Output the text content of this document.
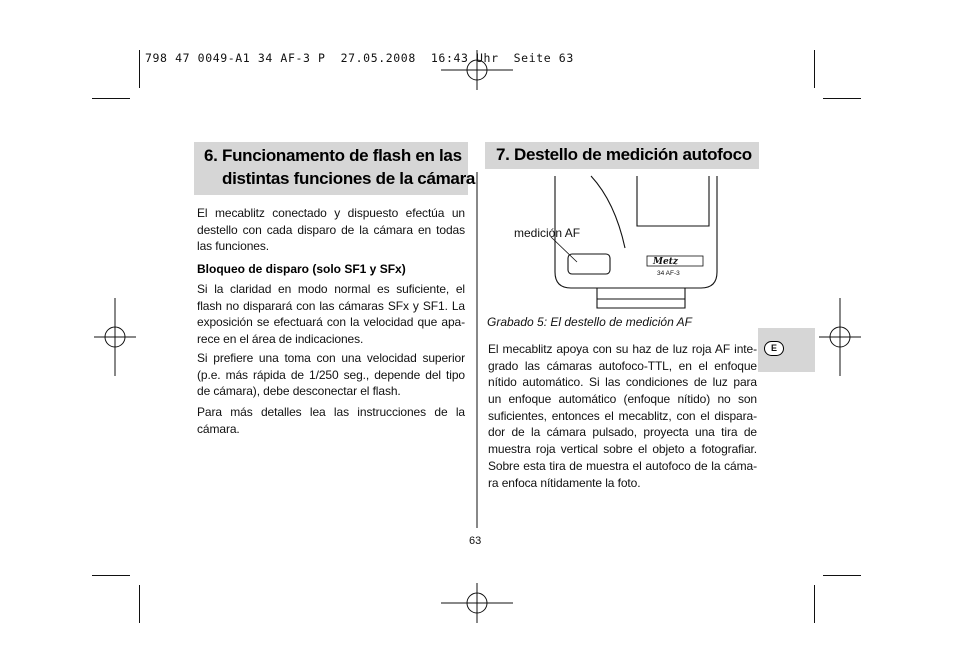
798 47 0049-A1 34 AF-3 P  27.05.2008  16:43 Uhr  Seite 63
6. Funcionamento de flash en las
distintas funciones de la cámara
El mecablitz conectado y dispuesto efectúa un
destello con cada disparo de la cámara en todas
las funciones.
Bloqueo de disparo (solo SF1 y SFx)
Si la claridad en modo normal es suficiente, el
flash no disparará con las cámaras SFx y SF1. La
exposición se efectuará con la velocidad que apa-
rece en el área de indicaciones.
Si prefiere una toma con una velocidad superior
(p.e. más rápida de 1/250 seg., depende del tipo
de cámara), debe desconectar el flash.
Para más detalles lea las instrucciones de la
cámara.
7. Destello de medición autofoco
Metz
34 AF-3
medición AF
Grabado 5: El destello de medición AF
El mecablitz apoya con su haz de luz roja AF inte-
grado las cámaras autofoco-TTL, en el enfoque
nítido automático. Si las condiciones de luz para
un enfoque automático (enfoque nítido) no son
suficientes, entonces el mecablitz, con el dispara-
dor de la cámara pulsado, proyecta una tira de
muestra roja vertical sobre el objeto a fotografiar.
Sobre esta tira de muestra el autofoco de la cáma-
ra enfoca nítidamente la foto.
E
63
